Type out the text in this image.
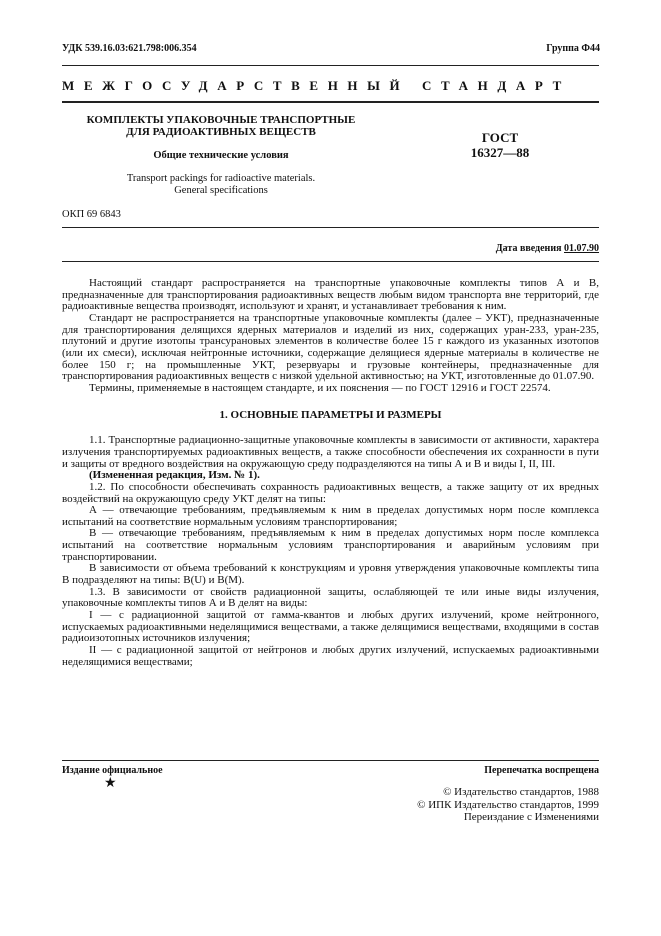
УДК 539.16.03:621.798:006.354	Группа Ф44
МЕЖГОСУДАРСТВЕННЫЙ СТАНДАРТ
КОМПЛЕКТЫ УПАКОВОЧНЫЕ ТРАНСПОРТНЫЕ
ДЛЯ РАДИОАКТИВНЫХ ВЕЩЕСТВ
Общие технические условия
Transport packings for radioactive materials.
General specifications
ГОСТ
16327—88
ОКП 69 6843
Дата введения 01.07.90

Настоящий стандарт распространяется на транспортные упаковочные комплекты типов А и В, предназначенные для транспортирования радиоактивных веществ любым видом транспорта вне территорий, где радиоактивные вещества производят, используют и хранят, и устанавливает требования к ним.

Стандарт не распространяется на транспортные упаковочные комплекты (далее – УКТ), предназначенные для транспортирования делящихся ядерных материалов и изделий из них, содержащих уран-233, уран-235, плутоний и другие изотопы трансурановых элементов в количестве более 15 г каждого из указанных изотопов (или их смеси), исключая нейтронные источники, содержащие делящиеся ядерные материалы в количестве не более 150 г; на промышленные УКТ, резервуары и грузовые контейнеры, предназначенные для транспортирования радиоактивных веществ с низкой удельной активностью; на УКТ, изготовленные до 01.07.90.

Термины, применяемые в настоящем стандарте, и их пояснения — по ГОСТ 12916 и ГОСТ 22574.

1. ОСНОВНЫЕ ПАРАМЕТРЫ И РАЗМЕРЫ

1.1. Транспортные радиационно-защитные упаковочные комплекты в зависимости от активности, характера излучения транспортируемых радиоактивных веществ, а также способности обеспечения их сохранности в пути и защиты от вредного воздействия на окружающую среду подразделяются на типы А и В и виды I, II, III.

(Измененная редакция, Изм. № 1).

1.2. По способности обеспечивать сохранность радиоактивных веществ, а также защиту от их вредных воздействий на окружающую среду УКТ делят на типы:

А — отвечающие требованиям, предъявляемым к ним в пределах допустимых норм после комплекса испытаний на соответствие нормальным условиям транспортирования;

В — отвечающие требованиям, предъявляемым к ним в пределах допустимых норм после комплекса испытаний на соответствие нормальным условиям транспортирования и аварийным условиям при транспортировании.

В зависимости от объема требований к конструкциям и уровня утверждения упаковочные комплекты типа В подразделяют на типы: В(U) и В(М).

1.3. В зависимости от свойств радиационной защиты, ослабляющей те или иные виды излучения, упаковочные комплекты типов А и В делят на виды:

I — с радиационной защитой от гамма-квантов и любых других излучений, кроме нейтронного, испускаемых радиоактивными неделящимися веществами, а также делящимися веществами, входящими в состав радиоизотопных источников излучения;

II — с радиационной защитой от нейтронов и любых других излучений, испускаемых радиоактивными неделящимися веществами;

Издание официальное	Перепечатка воспрещена
★
© Издательство стандартов, 1988
© ИПК Издательство стандартов, 1999
Переиздание с Изменениями
